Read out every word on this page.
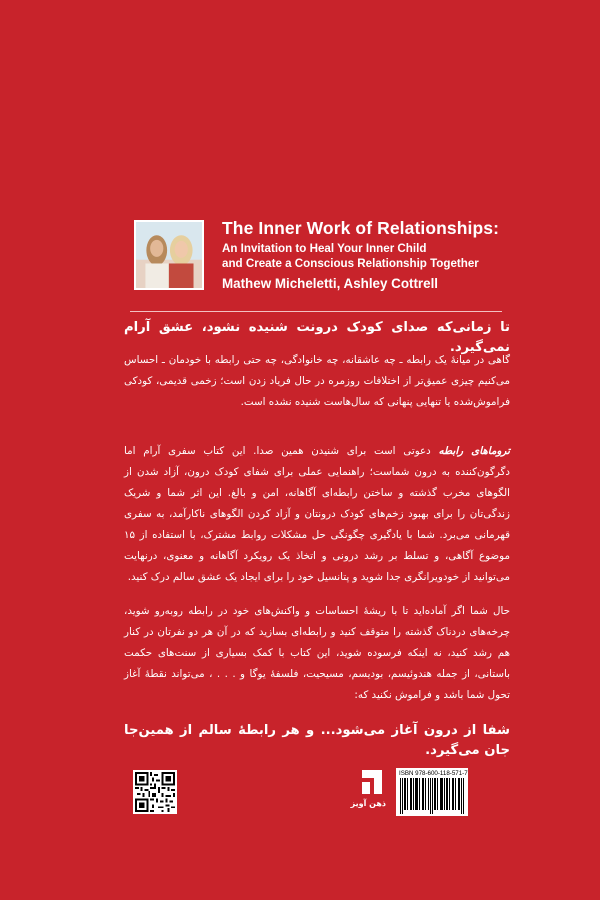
The Inner Work of Relationships:
An Invitation to Heal Your Inner Child
and Create a Conscious Relationship Together
Mathew Micheletti, Ashley Cottrell

تا زمانی‌که صدای کودک درونت شنیده نشود، عشق آرام نمی‌گیرد.

گاهی در میانهٔ یک رابطه ـ چه عاشقانه، چه خانوادگی، چه حتی رابطه با خودمان ـ احساس می‌کنیم چیزی عمیق‌تر از اختلافات روزمره در حال فریاد زدن است؛ زخمی قدیمی، کودکی فراموش‌شده یا تنهایی پنهانی که سال‌هاست شنیده نشده است.

تروماهای رابطه دعوتی است برای شنیدن همین صدا. این کتاب سفری آرام اما دگرگون‌کننده به درون شماست؛ راهنمایی عملی برای شفای کودک درون، آزاد شدن از الگوهای مخرب گذشته و ساختن رابطه‌ای آگاهانه، امن و بالغ. این اثر شما و شریک زندگی‌تان را برای بهبود زخم‌های کودک درونتان و آزاد کردن الگوهای ناکارآمد، به سفری قهرمانی می‌برد. شما با یادگیری چگونگی حل مشکلات روابط مشترک، با استفاده از ۱۵ موضوع آگاهی، و تسلط بر رشد درونی و اتخاذ یک رویکرد آگاهانه و معنوی، درنهایت می‌توانید از خودویرانگری جدا شوید و پتانسیل خود را برای ایجاد یک عشق سالم درک کنید.

حال شما اگر آماده‌اید تا با ریشهٔ احساسات و واکنش‌های خود در رابطه روبه‌رو شوید، چرخه‌های دردناک گذشته را متوقف کنید و رابطه‌ای بسازید که در آن هر دو نفرتان در کنار هم رشد کنید، نه اینکه فرسوده شوید، این کتاب با کمک بسیاری از سنت‌های حکمت باستانی، از جمله هندوئیسم، بودیسم، مسیحیت، فلسفهٔ یوگا و . . . ، می‌تواند نقطهٔ آغاز تحول شما باشد و فراموش نکنید که:

شفا از درون آغاز می‌شود... و هر رابطهٔ سالم از همین‌جا جان می‌گیرد.

ذهن آویز
ISBN 978-600-118-571-7
